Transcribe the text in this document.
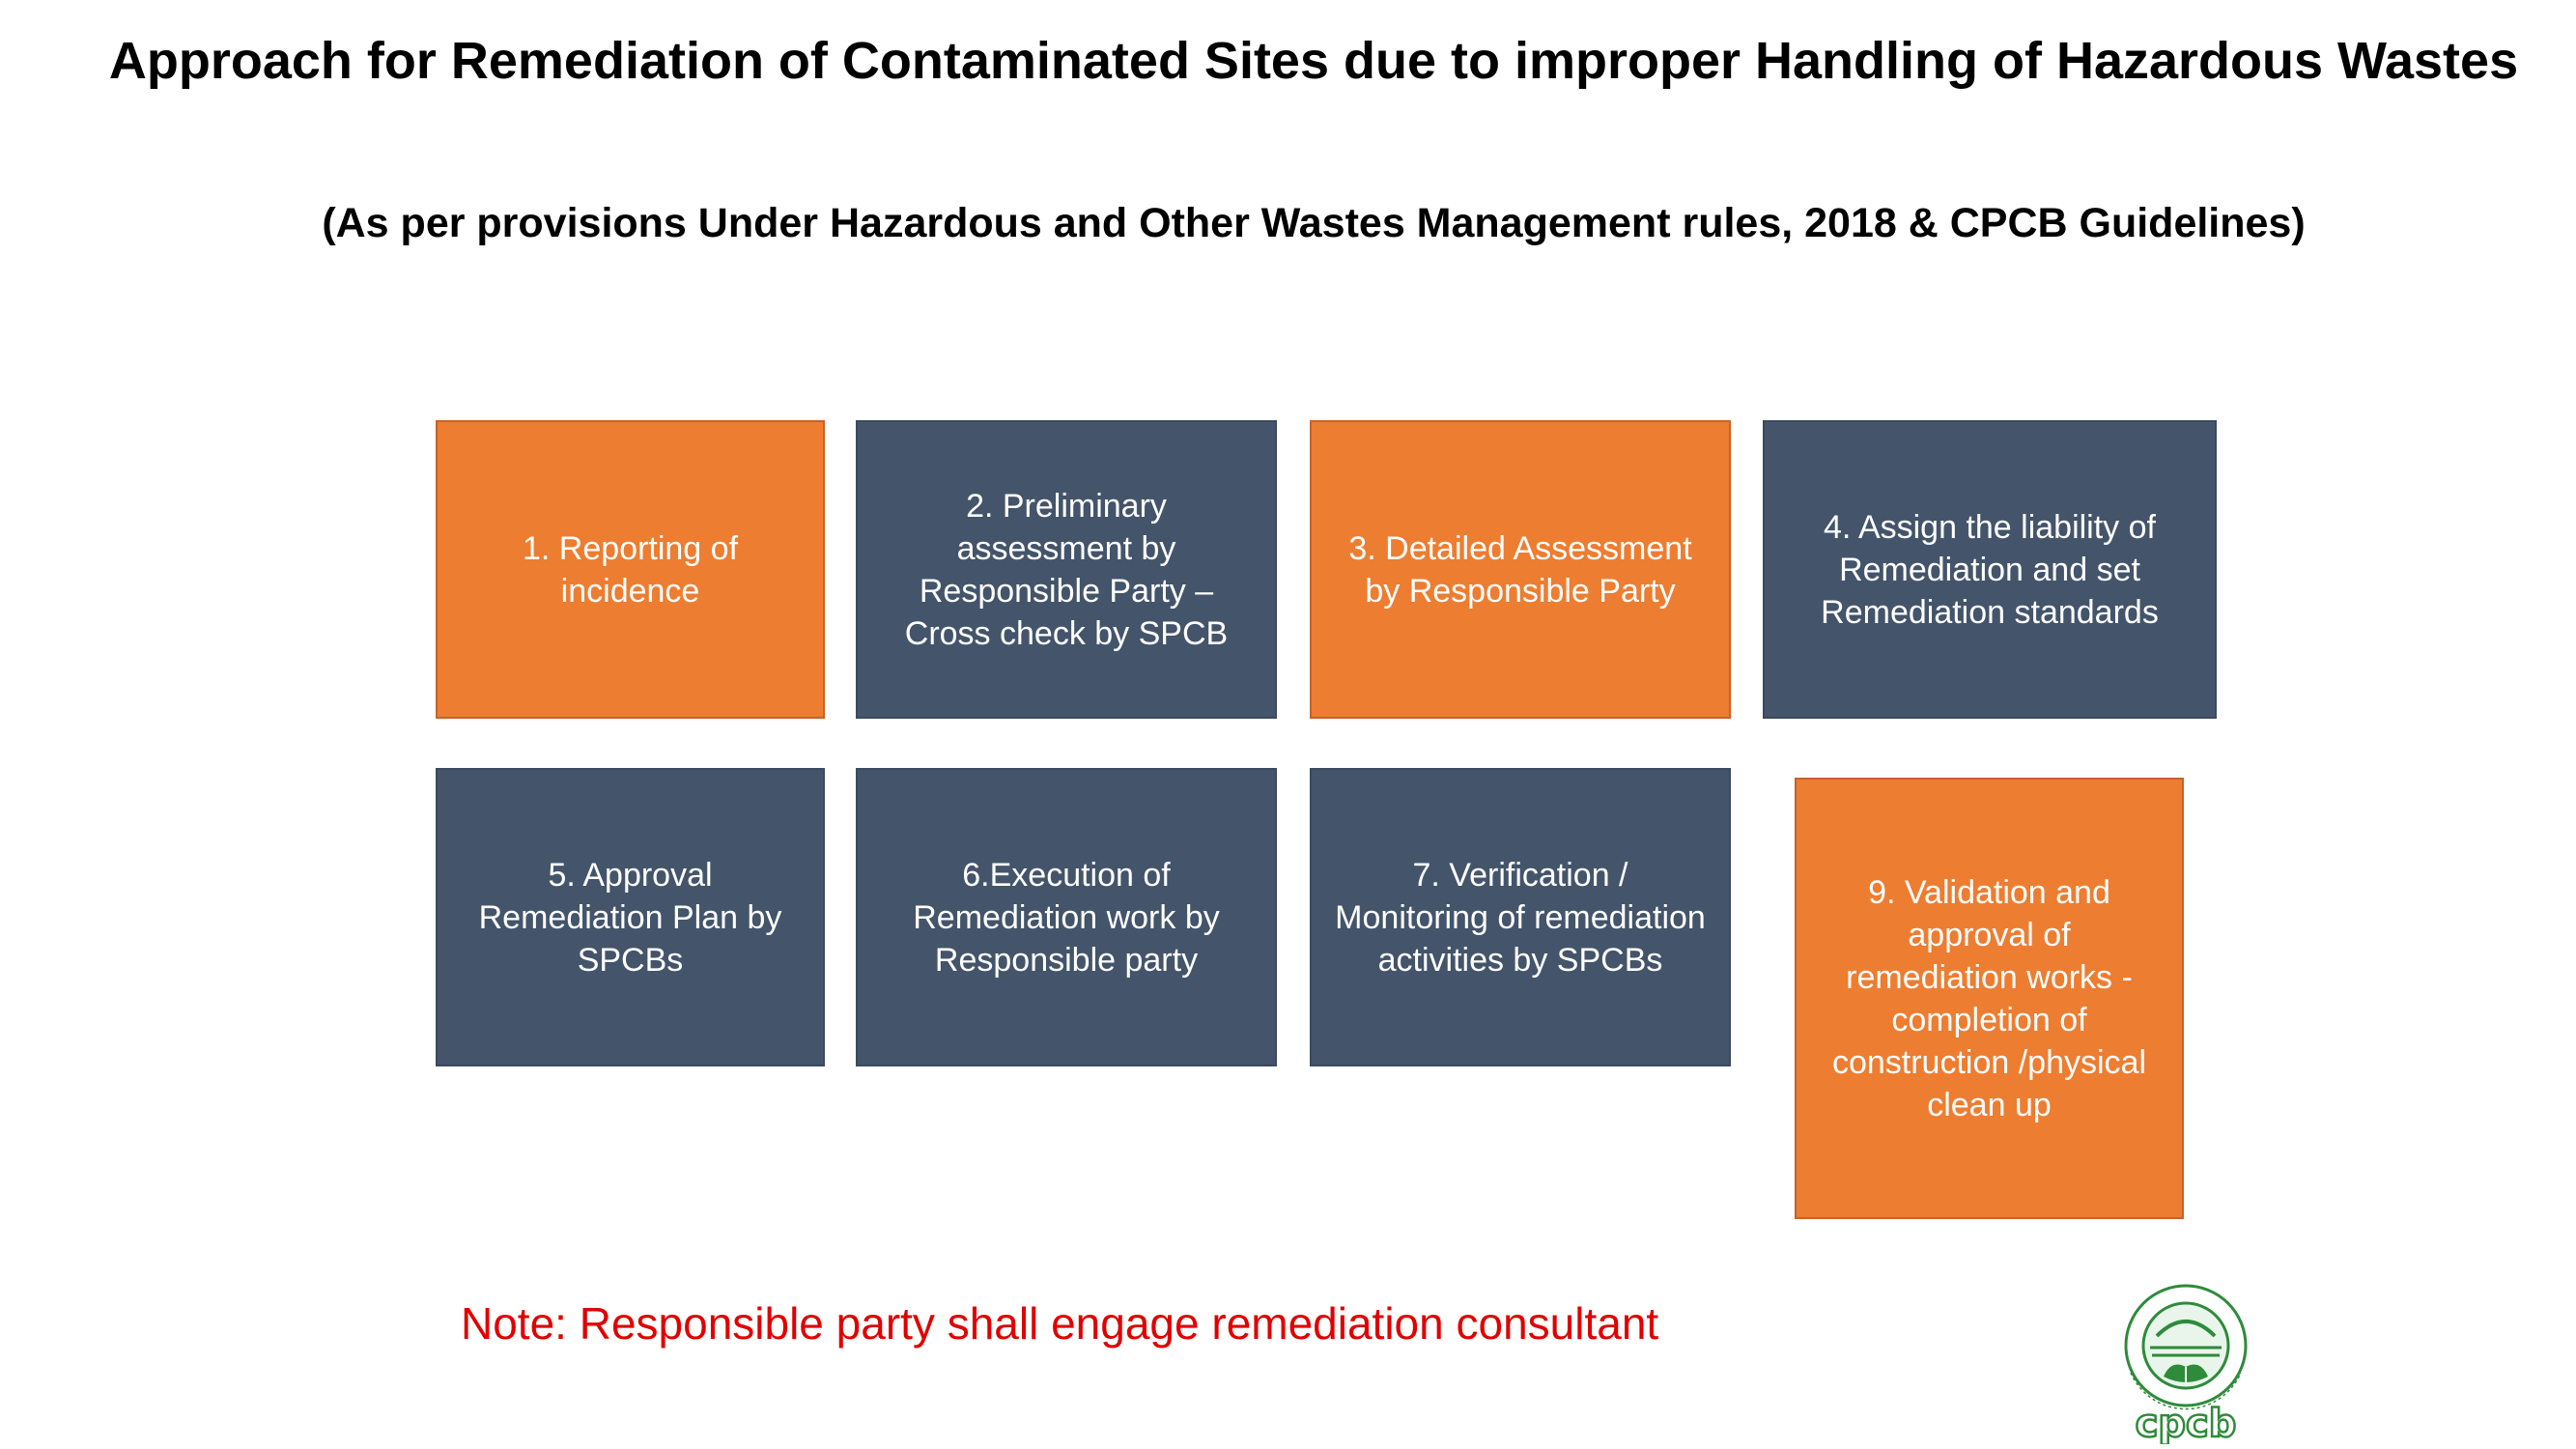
Approach for Remediation of Contaminated Sites due to improper Handling of Hazardous Wastes
(As per provisions Under Hazardous and Other Wastes Management rules, 2018 & CPCB Guidelines)
1. Reporting of incidence
2. Preliminary assessment by Responsible Party – Cross check by SPCB
3. Detailed Assessment by Responsible Party
4. Assign the liability of Remediation and set Remediation standards
5. Approval Remediation Plan by SPCBs
6.Execution of Remediation work by Responsible party
7. Verification / Monitoring of remediation activities by SPCBs
9. Validation and approval of remediation works - completion of construction /physical clean up
Note: Responsible party shall engage remediation consultant
cpcb
